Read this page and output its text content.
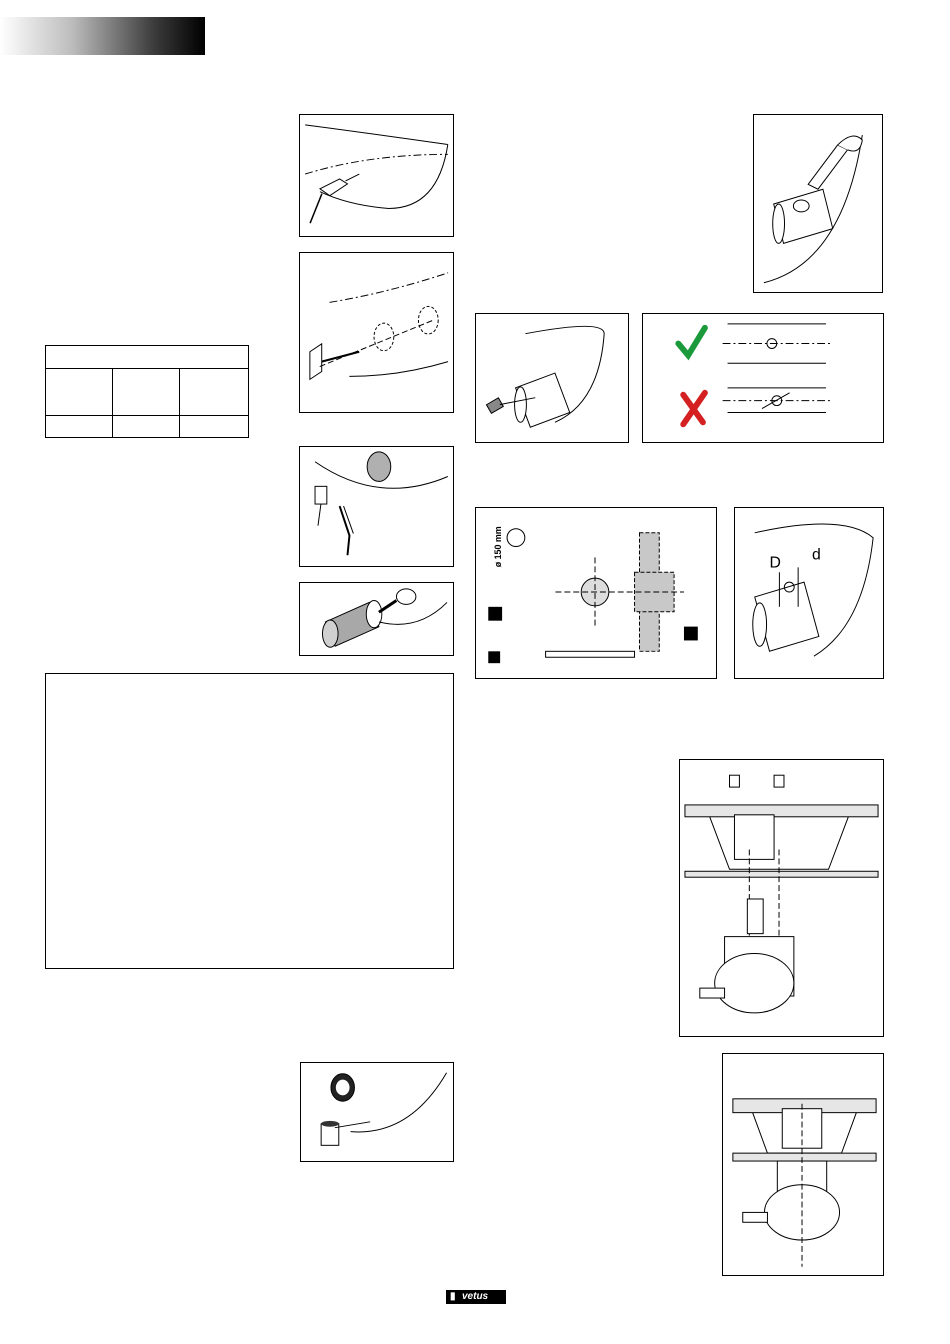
ø 150 mm	D d
▮ vetus
